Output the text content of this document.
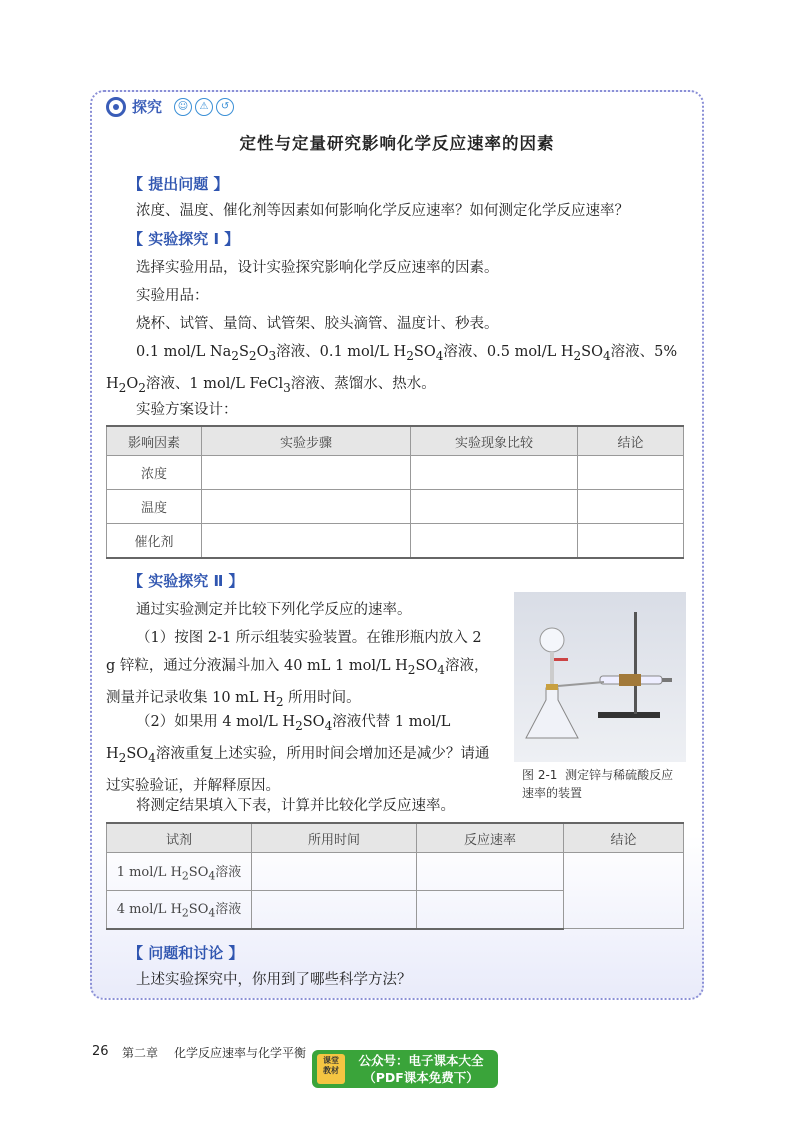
探究	☺	⚠	↺
定性与定量研究影响化学反应速率的因素
【 提出问题 】
浓度、温度、催化剂等因素如何影响化学反应速率？如何测定化学反应速率？
【 实验探究 Ⅰ 】
选择实验用品，设计实验探究影响化学反应速率的因素。
实验用品：
烧杯、试管、量筒、试管架、胶头滴管、温度计、秒表。
0.1 mol/L $Na_2S_2O_3$溶液、0.1 mol/L $H_2SO_4$溶液、0.5 mol/L $H_2SO_4$溶液、5% $H_2O_2$溶液、1 mol/L FeCl$_3$溶液、蒸馏水、热水。
实验方案设计：
影响因素	实验步骤	实验现象比较	结论
浓度			
温度			
催化剂			
【 实验探究 Ⅱ 】
通过实验测定并比较下列化学反应的速率。
（1）按图 2-1 所示组装实验装置。在锥形瓶内放入 2 g 锌粒，通过分液漏斗加入 40 mL 1 mol/L $H_2SO_4$溶液，测量并记录收集 10 mL $H_2$ 所用时间。
（2）如果用 4 mol/L $H_2SO_4$溶液代替 1 mol/L $H_2SO_4$溶液重复上述实验，所用时间会增加还是减少？请通过实验验证，并解释原因。
将测定结果填入下表，计算并比较化学反应速率。
图 2-1 测定锌与稀硫酸反应速率的装置
试剂	所用时间	反应速率	结论
1 mol/L $H_2SO_4$溶液			
4 mol/L $H_2SO_4$溶液			
【 问题和讨论 】
上述实验探究中，你用到了哪些科学方法？
26 第二章 化学反应速率与化学平衡
课堂
教材
公众号：电子课本大全
（PDF课本免费下）
